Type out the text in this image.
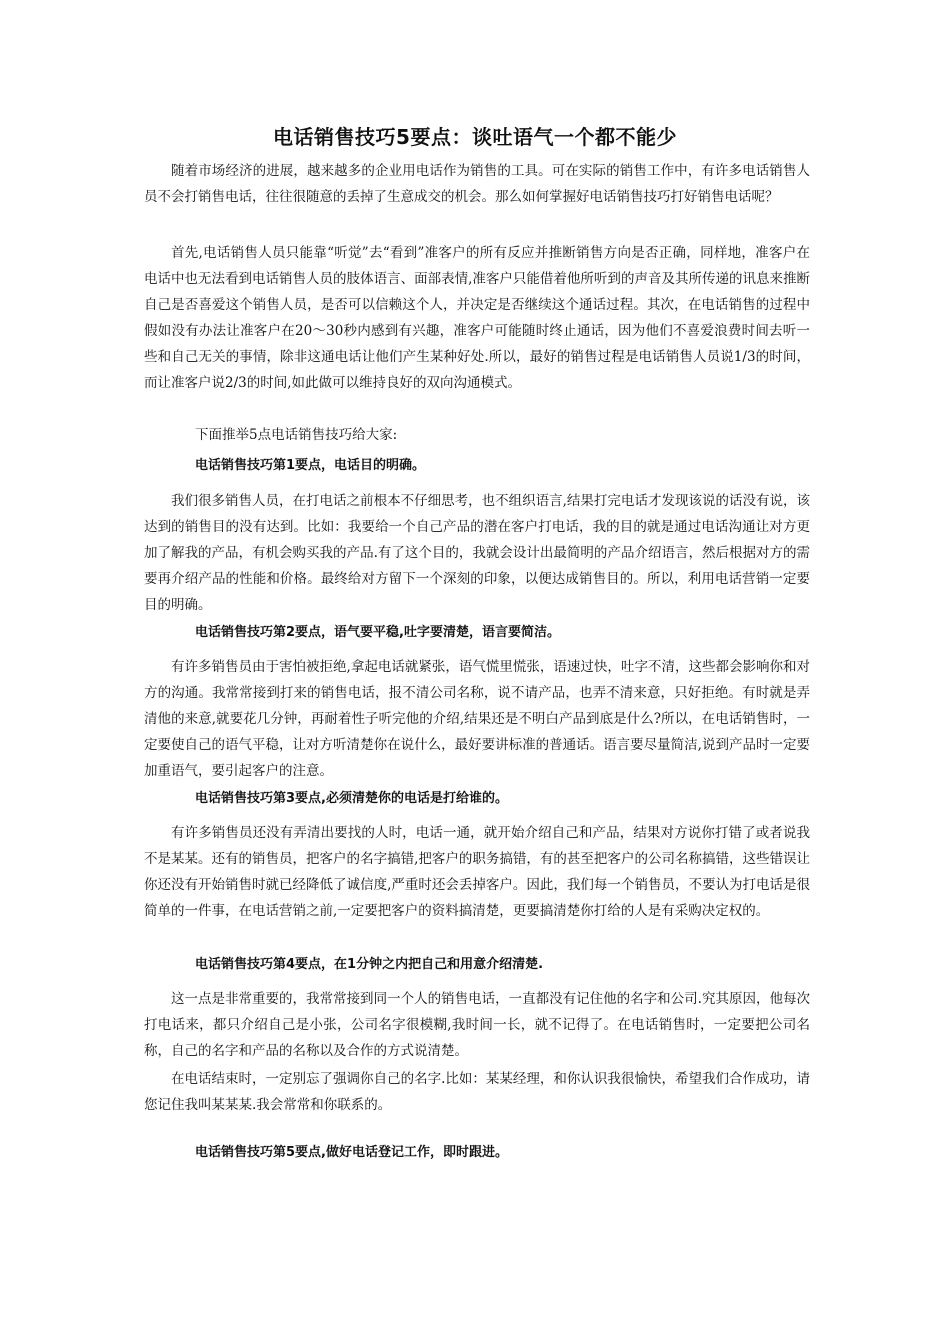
电话销售技巧5要点：谈吐语气一个都不能少

随着市场经济的进展，越来越多的企业用电话作为销售的工具。可在实际的销售工作中，有许多电话销售人员不会打销售电话，往往很随意的丢掉了生意成交的机会。那么如何掌握好电话销售技巧打好销售电话呢？

首先,电话销售人员只能靠“听觉”去“看到”准客户的所有反应并推断销售方向是否正确，同样地，准客户在电话中也无法看到电话销售人员的肢体语言、面部表情,准客户只能借着他所听到的声音及其所传递的讯息来推断自己是否喜爱这个销售人员，是否可以信赖这个人，并决定是否继续这个通话过程。其次，在电话销售的过程中假如没有办法让准客户在20～30秒内感到有兴趣，准客户可能随时终止通话，因为他们不喜爱浪费时间去听一些和自己无关的事情，除非这通电话让他们产生某种好处.所以，最好的销售过程是电话销售人员说1/3的时间，而让准客户说2/3的时间,如此做可以维持良好的双向沟通模式。

下面推举5点电话销售技巧给大家:

电话销售技巧第1要点，电话目的明确。

我们很多销售人员，在打电话之前根本不仔细思考，也不组织语言,结果打完电话才发现该说的话没有说，该达到的销售目的没有达到。比如：我要给一个自己产品的潜在客户打电话，我的目的就是通过电话沟通让对方更加了解我的产品，有机会购买我的产品.有了这个目的，我就会设计出最简明的产品介绍语言，然后根据对方的需要再介绍产品的性能和价格。最终给对方留下一个深刻的印象，以便达成销售目的。所以，利用电话营销一定要目的明确。

电话销售技巧第2要点，语气要平稳,吐字要清楚，语言要简洁。

有许多销售员由于害怕被拒绝,拿起电话就紧张，语气慌里慌张，语速过快，吐字不清，这些都会影响你和对方的沟通。我常常接到打来的销售电话，报不清公司名称，说不请产品，也弄不清来意，只好拒绝。有时就是弄清他的来意,就要花几分钟，再耐着性子听完他的介绍,结果还是不明白产品到底是什么?所以，在电话销售时，一定要使自己的语气平稳，让对方听清楚你在说什么，最好要讲标准的普通话。语言要尽量简洁,说到产品时一定要加重语气，要引起客户的注意。

电话销售技巧第3要点,必须清楚你的电话是打给谁的。

有许多销售员还没有弄清出要找的人时，电话一通，就开始介绍自己和产品，结果对方说你打错了或者说我不是某某。还有的销售员，把客户的名字搞错,把客户的职务搞错，有的甚至把客户的公司名称搞错，这些错误让你还没有开始销售时就已经降低了诚信度,严重时还会丢掉客户。因此，我们每一个销售员，不要认为打电话是很简单的一件事，在电话营销之前,一定要把客户的资料搞清楚，更要搞清楚你打给的人是有采购决定权的。

电话销售技巧第4要点，在1分钟之内把自己和用意介绍清楚.

这一点是非常重要的，我常常接到同一个人的销售电话，一直都没有记住他的名字和公司.究其原因，他每次打电话来，都只介绍自己是小张，公司名字很模糊,我时间一长，就不记得了。在电话销售时，一定要把公司名称，自己的名字和产品的名称以及合作的方式说清楚。

在电话结束时，一定别忘了强调你自己的名字.比如：某某经理，和你认识我很愉快，希望我们合作成功，请您记住我叫某某某.我会常常和你联系的。

电话销售技巧第5要点,做好电话登记工作，即时跟进。
